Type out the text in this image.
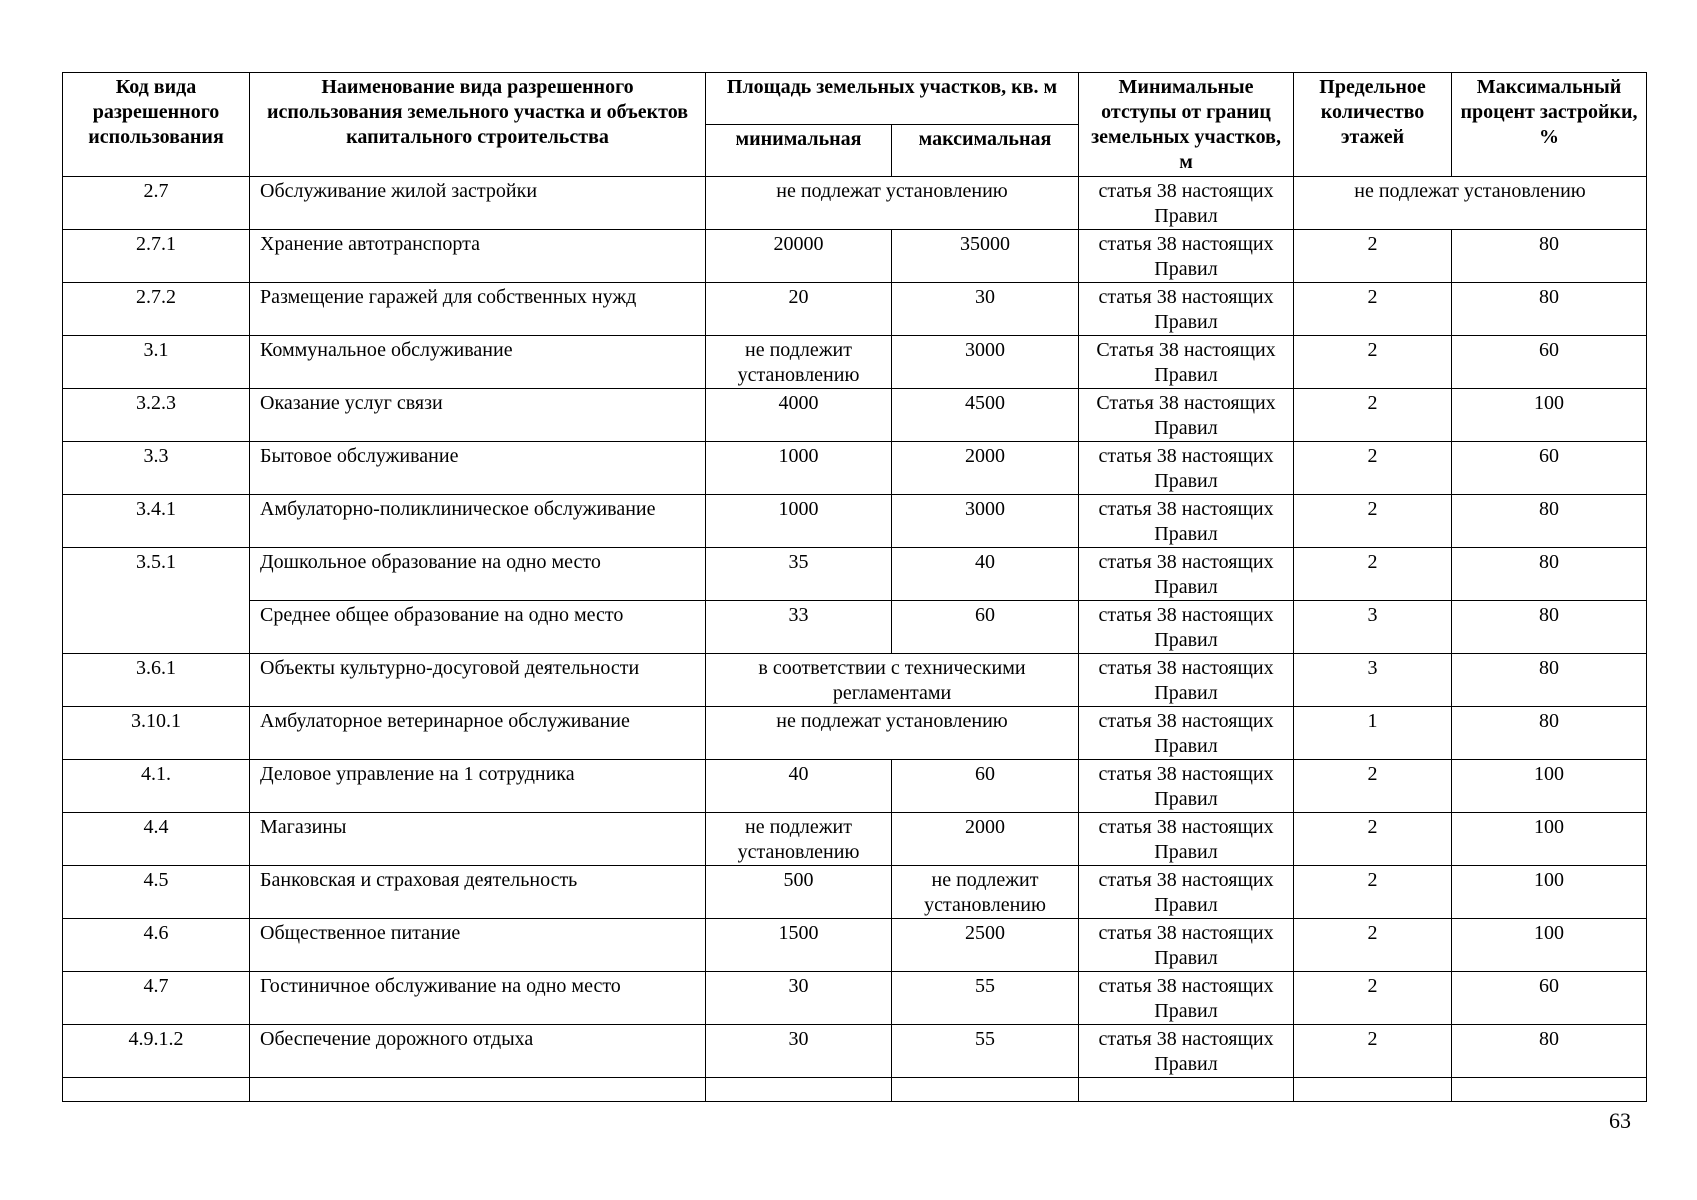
Код вида разрешенного использования	Наименование вида разрешенного использования земельного участка и объектов капитального строительства	Площадь земельных участков, кв. м		Минимальные отступы от границ земельных участков, м	Предельное количество этажей	Максимальный процент застройки, %
		минимальная	максимальная			
2.7	Обслуживание жилой застройки	не подлежат установлению		статья 38 настоящих Правил	не подлежат установлению	
2.7.1	Хранение автотранспорта	20000	35000	статья 38 настоящих Правил	2	80
2.7.2	Размещение гаражей для собственных нужд	20	30	статья 38 настоящих Правил	2	80
3.1	Коммунальное обслуживание	не подлежит установлению	3000	Статья 38 настоящих Правил	2	60
3.2.3	Оказание услуг связи	4000	4500	Статья 38 настоящих Правил	2	100
3.3	Бытовое обслуживание	1000	2000	статья 38 настоящих Правил	2	60
3.4.1	Амбулаторно-поликлиническое обслуживание	1000	3000	статья 38 настоящих Правил	2	80
3.5.1	Дошкольное образование на одно место	35	40	статья 38 настоящих Правил	2	80
	Среднее общее образование на одно место	33	60	статья 38 настоящих Правил	3	80
3.6.1	Объекты культурно-досуговой деятельности	в соответствии с техническими регламентами		статья 38 настоящих Правил	3	80
3.10.1	Амбулаторное ветеринарное обслуживание	не подлежат установлению		статья 38 настоящих Правил	1	80
4.1.	Деловое управление на 1 сотрудника	40	60	статья 38 настоящих Правил	2	100
4.4	Магазины	не подлежит установлению	2000	статья 38 настоящих Правил	2	100
4.5	Банковская и страховая деятельность	500	не подлежит установлению	статья 38 настоящих Правил	2	100
4.6	Общественное питание	1500	2500	статья 38 настоящих Правил	2	100
4.7	Гостиничное обслуживание на одно место	30	55	статья 38 настоящих Правил	2	60
4.9.1.2	Обеспечение дорожного отдыха	30	55	статья 38 настоящих Правил	2	80

63
